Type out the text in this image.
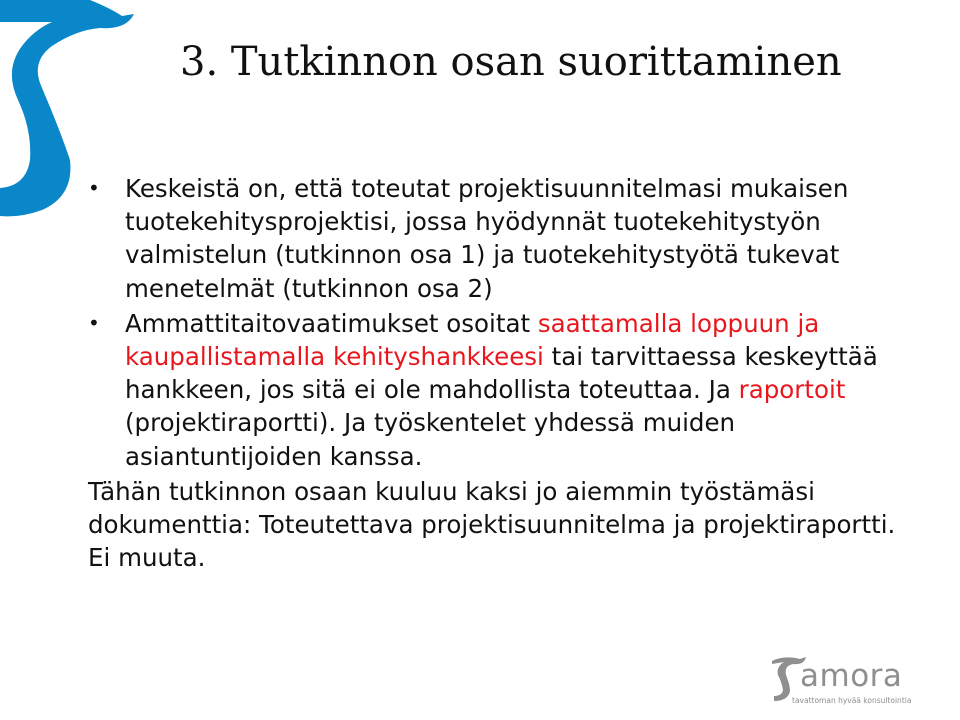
3. Tutkinnon osan suorittaminen
• Keskeistä on, että toteutat projektisuunnitelmasi mukaisen tuotekehitysprojektisi, jossa hyödynnät tuotekehitystyön valmistelun (tutkinnon osa 1) ja tuotekehitystyötä tukevat menetelmät (tutkinnon osa 2)
• Ammattitaitovaatimukset osoitat saattamalla loppuun ja kaupallistamalla kehityshankkeesi tai tarvittaessa keskeyttää hankkeen, jos sitä ei ole mahdollista toteuttaa. Ja raportoit (projektiraportti). Ja työskentelet yhdessä muiden asiantuntijoiden kanssa.
Tähän tutkinnon osaan kuuluu kaksi jo aiemmin työstämäsi dokumenttia: Toteutettava projektisuunnitelma ja projektiraportti. Ei muuta.
amora
tavattoman hyvää konsultointia
